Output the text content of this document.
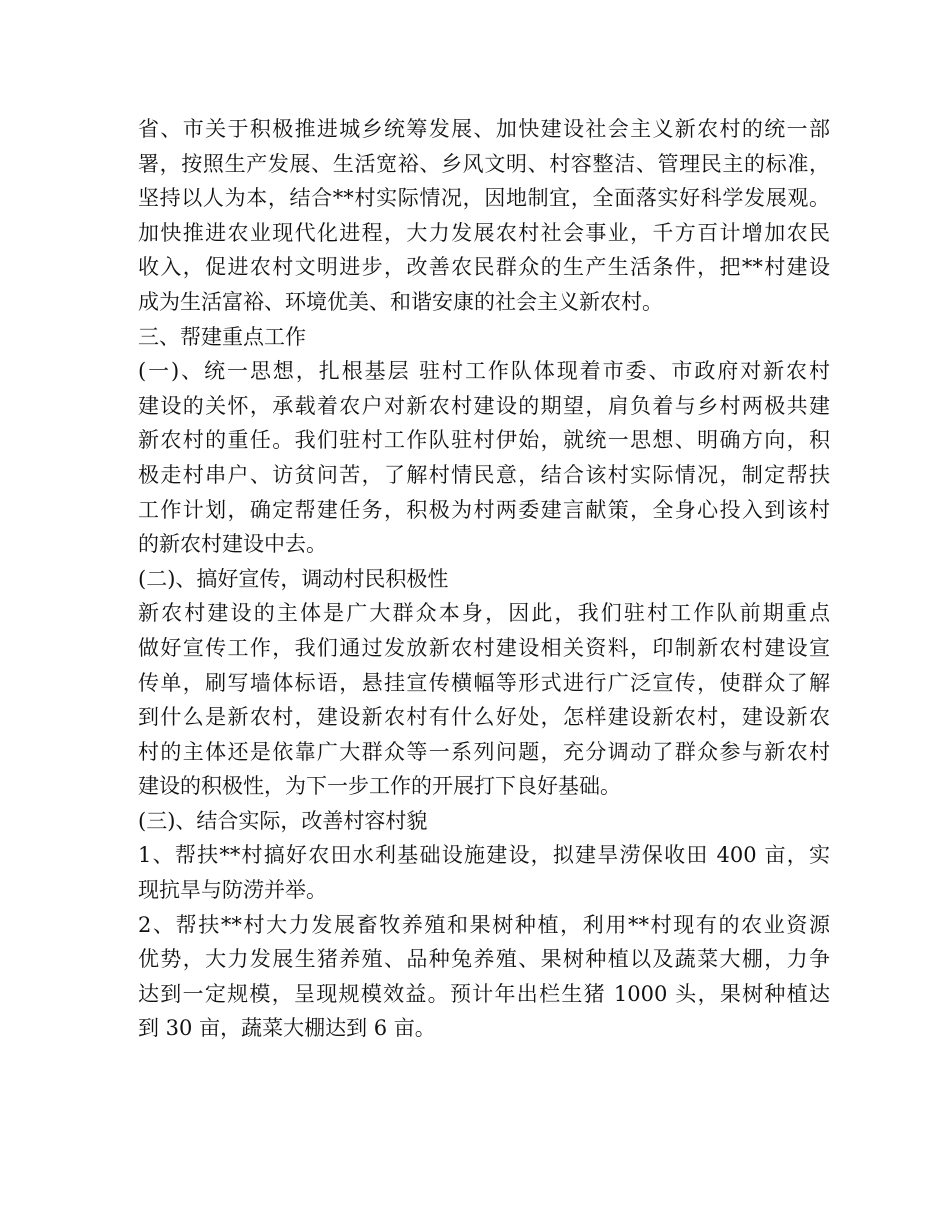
省、市关于积极推进城乡统筹发展、加快建设社会主义新农村的统一部
署，按照生产发展、生活宽裕、乡风文明、村容整洁、管理民主的标准，
坚持以人为本，结合**村实际情况，因地制宜，全面落实好科学发展观。
加快推进农业现代化进程，大力发展农村社会事业，千方百计增加农民
收入，促进农村文明进步，改善农民群众的生产生活条件，把**村建设
成为生活富裕、环境优美、和谐安康的社会主义新农村。
三、帮建重点工作
(一)、统一思想，扎根基层 驻村工作队体现着市委、市政府对新农村
建设的关怀，承载着农户对新农村建设的期望，肩负着与乡村两极共建
新农村的重任。我们驻村工作队驻村伊始，就统一思想、明确方向，积
极走村串户、访贫问苦，了解村情民意，结合该村实际情况，制定帮扶
工作计划，确定帮建任务，积极为村两委建言献策，全身心投入到该村
的新农村建设中去。
(二)、搞好宣传，调动村民积极性
新农村建设的主体是广大群众本身，因此，我们驻村工作队前期重点
做好宣传工作，我们通过发放新农村建设相关资料，印制新农村建设宣
传单，刷写墙体标语，悬挂宣传横幅等形式进行广泛宣传，使群众了解
到什么是新农村，建设新农村有什么好处，怎样建设新农村，建设新农
村的主体还是依靠广大群众等一系列问题，充分调动了群众参与新农村
建设的积极性，为下一步工作的开展打下良好基础。
(三)、结合实际，改善村容村貌
1、帮扶**村搞好农田水利基础设施建设，拟建旱涝保收田 400 亩，实
现抗旱与防涝并举。
2、帮扶**村大力发展畜牧养殖和果树种植，利用**村现有的农业资源
优势，大力发展生猪养殖、品种兔养殖、果树种植以及蔬菜大棚，力争
达到一定规模，呈现规模效益。预计年出栏生猪 1000 头，果树种植达
到 30 亩，蔬菜大棚达到 6 亩。
